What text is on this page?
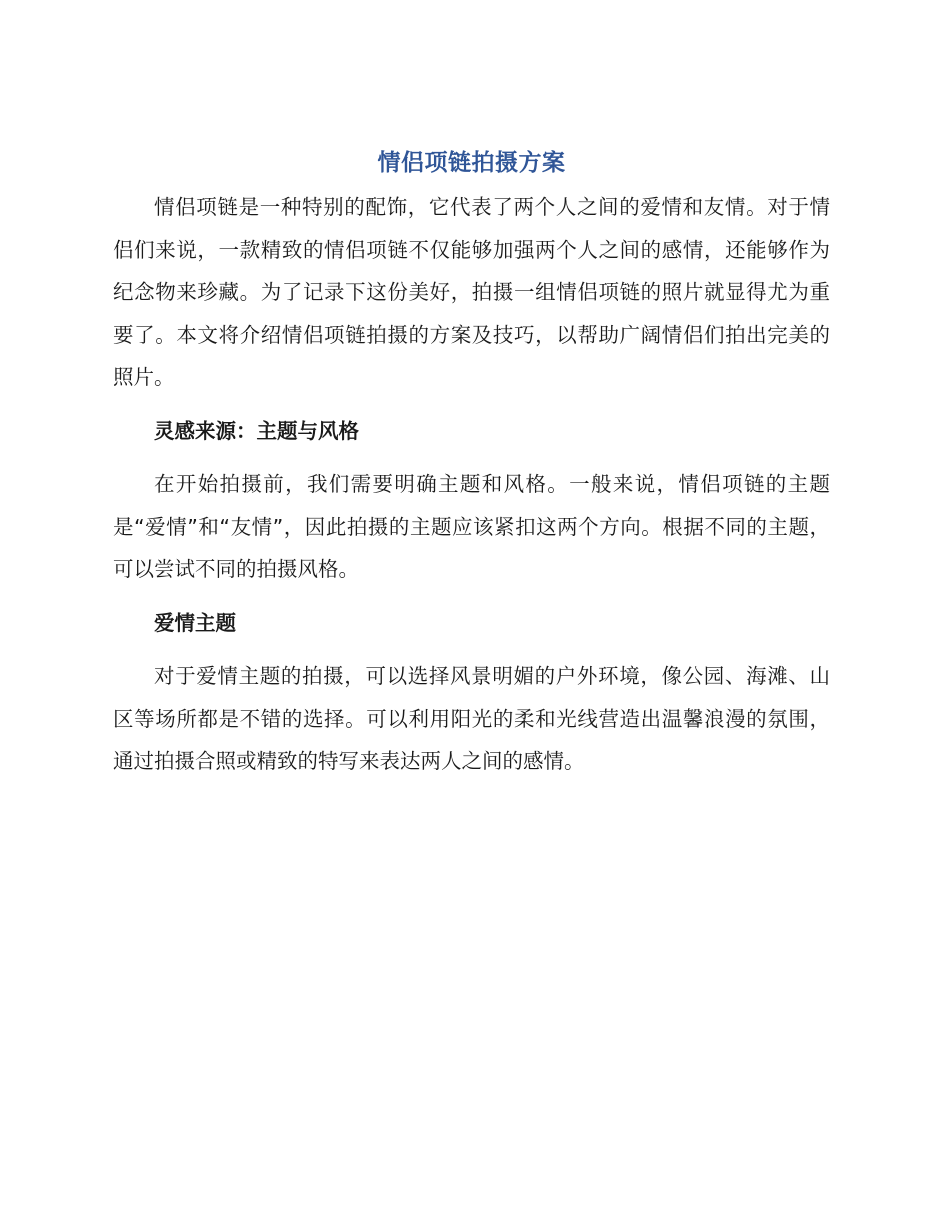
情侣项链拍摄方案

情侣项链是一种特别的配饰，它代表了两个人之间的爱情和友情。对于情侣们来说，一款精致的情侣项链不仅能够加强两个人之间的感情，还能够作为纪念物来珍藏。为了记录下这份美好，拍摄一组情侣项链的照片就显得尤为重要了。本文将介绍情侣项链拍摄的方案及技巧，以帮助广阔情侣们拍出完美的照片。

灵感来源：主题与风格

在开始拍摄前，我们需要明确主题和风格。一般来说，情侣项链的主题是“爱情”和“友情”，因此拍摄的主题应该紧扣这两个方向。根据不同的主题，可以尝试不同的拍摄风格。

爱情主题

对于爱情主题的拍摄，可以选择风景明媚的户外环境，像公园、海滩、山区等场所都是不错的选择。可以利用阳光的柔和光线营造出温馨浪漫的氛围，通过拍摄合照或精致的特写来表达两人之间的感情。
